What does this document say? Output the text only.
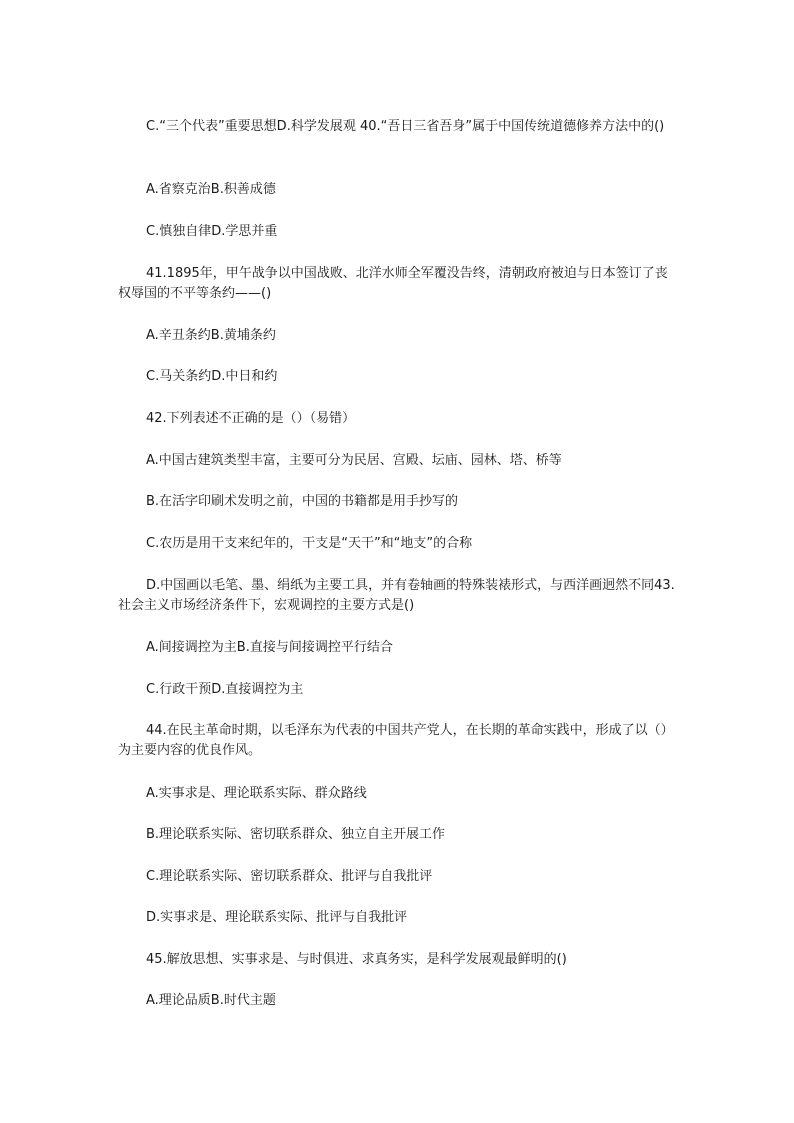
C.“三个代表”重要思想D.科学发展观 40.“吾日三省吾身”属于中国传统道德修养方法中的()

A.省察克治B.积善成德

C.慎独自律D.学思并重

41.1895年，甲午战争以中国战败、北洋水师全军覆没告终，清朝政府被迫与日本签订了丧权辱国的不平等条约——()

A.辛丑条约B.黄埔条约

C.马关条约D.中日和约

42.下列表述不正确的是（）（易错）

A.中国古建筑类型丰富，主要可分为民居、宫殿、坛庙、园林、塔、桥等

B.在活字印刷术发明之前，中国的书籍都是用手抄写的

C.农历是用干支来纪年的，干支是“天干”和“地支”的合称

D.中国画以毛笔、墨、绢纸为主要工具，并有卷轴画的特殊装裱形式，与西洋画迥然不同43.社会主义市场经济条件下，宏观调控的主要方式是()

A.间接调控为主B.直接与间接调控平行结合

C.行政干预D.直接调控为主

44.在民主革命时期，以毛泽东为代表的中国共产党人，在长期的革命实践中，形成了以（）为主要内容的优良作风。

A.实事求是、理论联系实际、群众路线

B.理论联系实际、密切联系群众、独立自主开展工作

C.理论联系实际、密切联系群众、批评与自我批评

D.实事求是、理论联系实际、批评与自我批评

45.解放思想、实事求是、与时俱进、求真务实，是科学发展观最鲜明的()

A.理论品质B.时代主题
